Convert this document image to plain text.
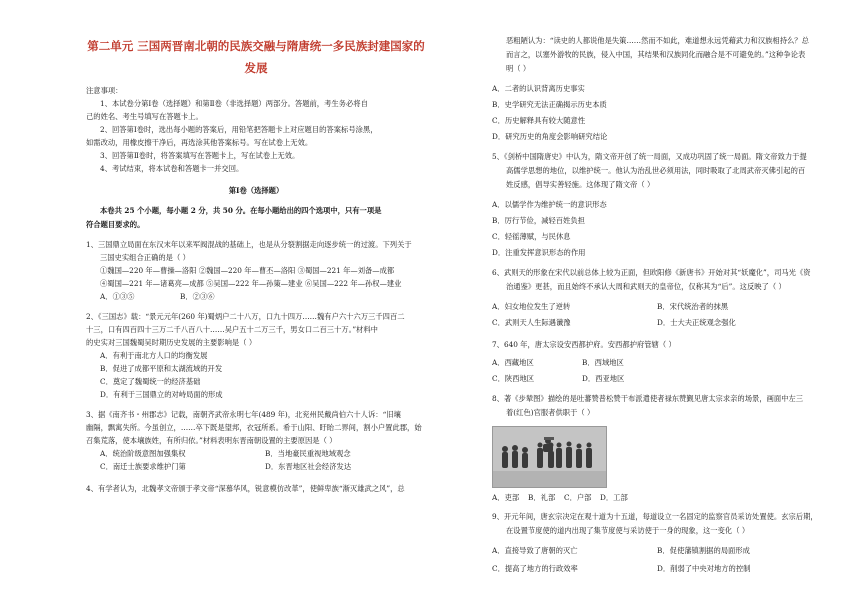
第二单元 三国两晋南北朝的民族交融与隋唐统一多民族封建国家的
发展
注意事项：
1、本试卷分第Ⅰ卷（选择题）和第Ⅱ卷（非选择题）两部分。答题前，考生务必将自
己的姓名、考生号填写在答题卡上。
2、回答第Ⅰ卷时，选出每小题的答案后，用铅笔把答题卡上对应题目的答案标号涂黑，
如需改动，用橡皮擦干净后，再选涂其他答案标号。写在试卷上无效。
3、回答第Ⅱ卷时，将答案填写在答题卡上，写在试卷上无效。
4、考试结束，将本试卷和答题卡一并交回。
第Ⅰ卷（选择题）
本卷共 25 个小题，每小题 2 分，共 50 分。在每小题给出的四个选项中，只有一项是
符合题目要求的。
1、三国鼎立局面在东汉末年以来军阀混战的基础上，也是从分裂割据走向逐步统一的过渡。下列关于
三国史实组合正确的是（ ）
①魏国—220 年—曹操—洛阳 ②魏国—220 年—曹丕—洛阳 ③蜀国—221 年—刘备—成都
④蜀国—221 年—诸葛亮—成都 ⑤吴国—222 年—孙策—建业 ⑥吴国—222 年—孙权—建业
A．①③⑤	B．②③⑥
2、《三国志》载：“景元元年(260 年)蜀炳户二十八万，口九十四万……魏有户六十六万三千四百二
十三，口有四百四十三万二千八百八十……吴户五十二万三千，男女口二百三十万。”材料中
的史实对三国魏蜀吴时期历史发展的主要影响是（ ）
A．有利于南北方人口的均衡发展
B．促进了成都平原和太湖流域的开发
C．奠定了魏蜀统一的经济基础
D．有利于三国鼎立的对峙局面的形成
3、据《南齐书・州郡志》记载，南朝齐武帝永明七年(489 年)，北兖州民戴尚伯六十人诉：“旧壤
幽隔，飘寓失所。今虽创立，……卒下既是望邦，衣冠所系。希于山阳、盱眙二界间，割小户置此郡，始
召集荒落，使本壤族姓，有所归依。”材料表明东晋南朝设置的主要原因是（ ）
A．统治阶级意图加强集权	B．当地豪民重视地域观念
C．南迁士族要求维护门第	D．东晋地区社会经济发达
4、有学者认为，北魏孝文帝颁于孝文帝“深慕华风，锐意模仿改革”，使鲜卑族“渐灭雄武之风”，总
恶粗陋认为：“读史的人都说他是失策……然而不如此，难道想永远凭藉武力和汉族相持么？总
而言之，以塞外游牧的民族，侵入中国，其结果和汉族同化而融合是不可避免的。”这种争论表
明（ ）
A．二者的认识背离历史事实
B．史学研究无法正确揭示历史本质
C．历史解释具有较大随意性
D．研究历史的角度会影响研究结论
5、《剑桥中国隋唐史》中认为，隋文帝开创了统一局面，又成功巩固了统一局面。隋文帝致力于提
高儒学思想的地位，以维护统一。他认为治乱世必须用法，同时吸取了北周武帝灭佛引起的百
姓反感，倡导实善轻施。这体现了隋文帝（ ）
A．以儒学作为维护统一的意识形态
B．厉行节俭，减轻百姓负担
C．轻徭薄赋，与民休息
D．注重发挥意识形态的作用
6、武则天的形象在宋代以前总体上较为正面，但欧阳修《新唐书》开始对其“妖魔化”，司马光《资
治通鉴》更甚，而且始终不承认大周和武则天的皇帝位，仅称其为“后”。这反映了（ ）
A．妇女地位发生了逆转	B．宋代统治者的抹黑
C．武则天人生际遇谶豫	D．士大夫正统观念强化
7、640 年，唐太宗设安西都护府。安西都护府管辖（ ）
A．西藏地区	B．西域地区
C．陕西地区	D．西亚地区
8、著《步辇图》描绘的是吐蕃赞普松赞干布派遣使者禄东赞觐见唐太宗求亲的场景，画面中左三
着(红色)官服者供职于（ ）
A．吏部 B．礼部 C．户部 D．工部
9、开元年间，唐玄宗决定在观十道为十五道，每道设立一名固定的监察官员采访处置使。玄宗后期，
在设置节度使的道内出现了集节度使与采访使于一身的现象，这一变化（ ）
A．直接导致了唐朝的灭亡	B．促使藩镇割据的局面形成
C．提高了地方的行政效率	D．削弱了中央对地方的控制
